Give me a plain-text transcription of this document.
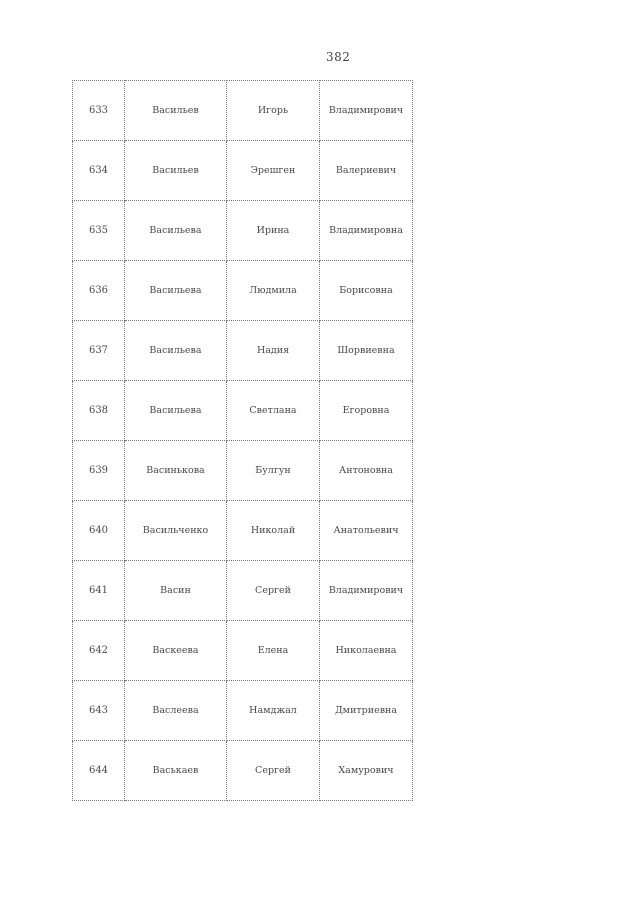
382
633	Васильев	Игорь	Владимирович
634	Васильев	Эрешген	Валериевич
635	Васильева	Ирина	Владимировна
636	Васильева	Людмила	Борисовна
637	Васильева	Надия	Шорвиевна
638	Васильева	Светлана	Егоровна
639	Васинькова	Булгун	Антоновна
640	Васильченко	Николай	Анатольевич
641	Васин	Сергей	Владимирович
642	Васкеева	Елена	Николаевна
643	Васлеева	Намджал	Дмитриевна
644	Васькаев	Сергей	Хамурович
